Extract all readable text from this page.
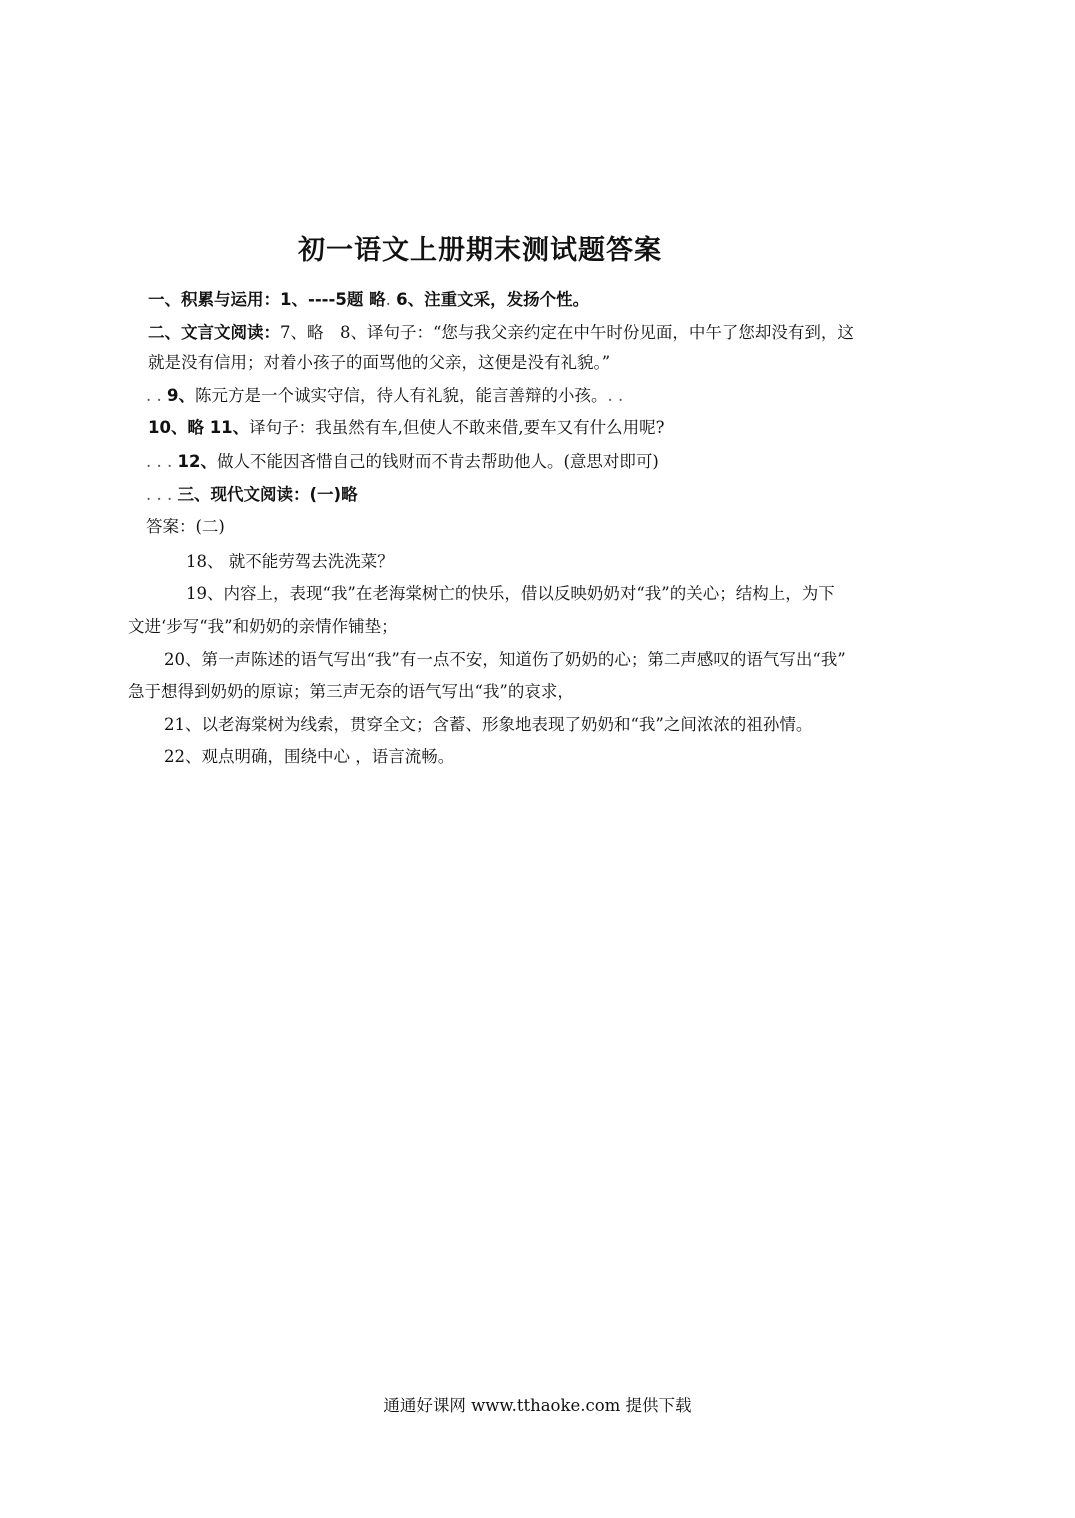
初一语文上册期末测试题答案
一、积累与运用：1、----5题 略. 6、注重文采，发扬个性。
二、文言文阅读：7、略　8、译句子：“您与我父亲约定在中午时份见面，中午了您却没有到，这
就是没有信用；对着小孩子的面骂他的父亲，这便是没有礼貌。”
. . 9、陈元方是一个诚实守信，待人有礼貌，能言善辩的小孩。. .
10、略 11、译句子：我虽然有车,但使人不敢来借,要车又有什么用呢?
. . . 12、做人不能因吝惜自己的钱财而不肯去帮助他人。(意思对即可)
. . . 三、现代文阅读：(一)略
答案：(二)
18、 就不能劳驾去洗洗菜？
19、内容上，表现“我”在老海棠树亡的快乐，借以反映奶奶对“我”的关心；结构上，为下
文进‘步写“我”和奶奶的亲情作铺垫；
20、第一声陈述的语气写出“我”有一点不安，知道伤了奶奶的心；第二声感叹的语气写出“我”
急于想得到奶奶的原谅；第三声无奈的语气写出“我”的哀求，
21、以老海棠树为线索，贯穿全文；含蓄、形象地表现了奶奶和“我”之间浓浓的祖孙情。
22、观点明确，围绕中心 ，语言流畅。
通通好课网 www.tthaoke.com 提供下载
